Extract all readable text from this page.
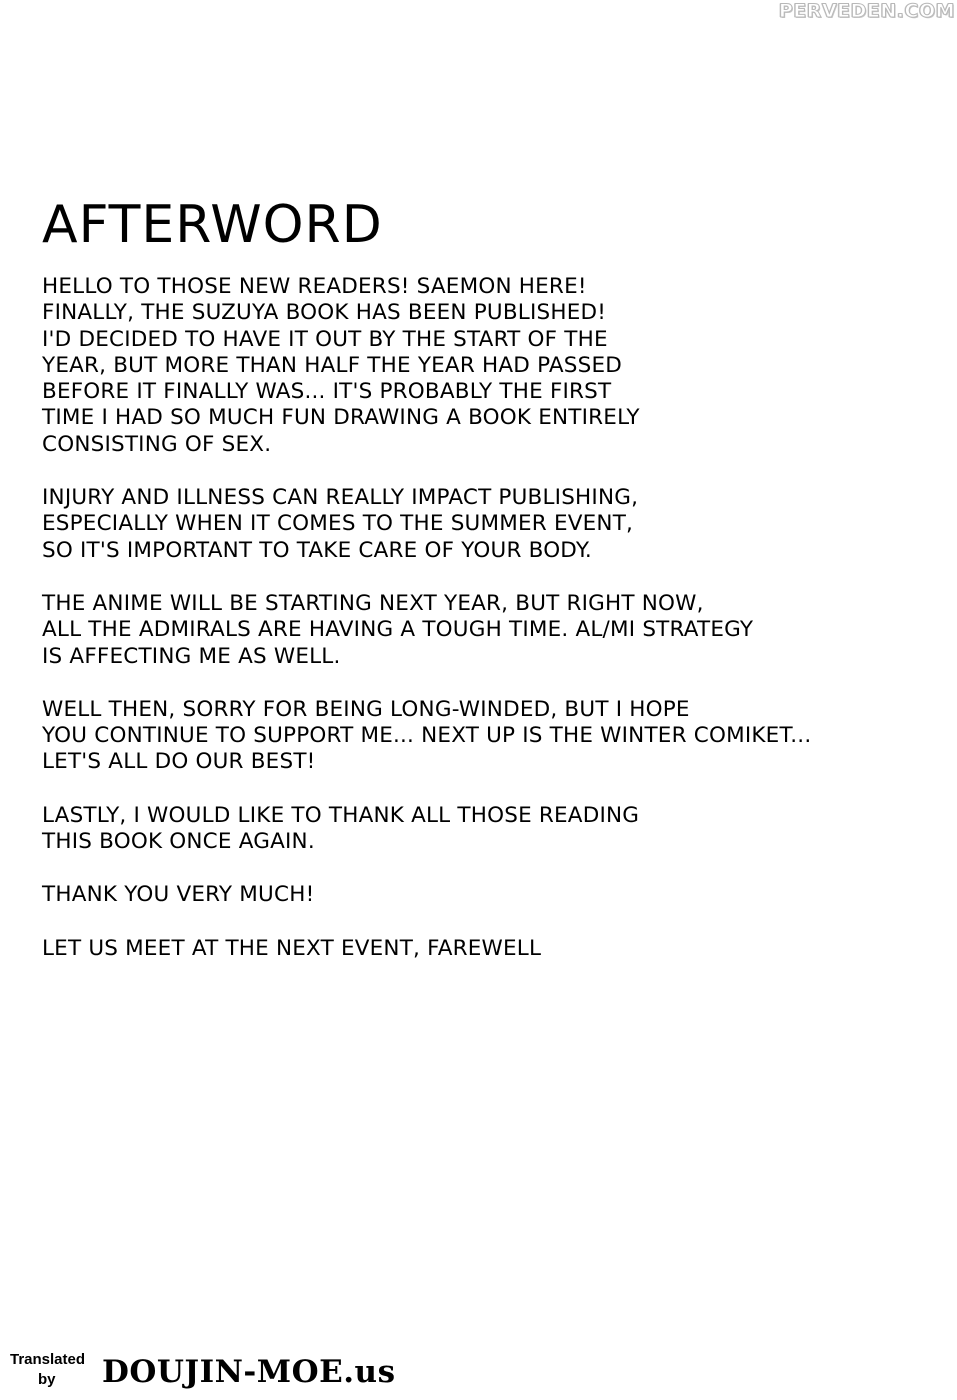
PERVEDEN.COM
AFTERWORD

HELLO TO THOSE NEW READERS! SAEMON HERE!
FINALLY, THE SUZUYA BOOK HAS BEEN PUBLISHED!
I'D DECIDED TO HAVE IT OUT BY THE START OF THE
YEAR, BUT MORE THAN HALF THE YEAR HAD PASSED
BEFORE IT FINALLY WAS... IT'S PROBABLY THE FIRST
TIME I HAD SO MUCH FUN DRAWING A BOOK ENTIRELY
CONSISTING OF SEX.

INJURY AND ILLNESS CAN REALLY IMPACT PUBLISHING,
ESPECIALLY WHEN IT COMES TO THE SUMMER EVENT,
SO IT'S IMPORTANT TO TAKE CARE OF YOUR BODY.

THE ANIME WILL BE STARTING NEXT YEAR, BUT RIGHT NOW,
ALL THE ADMIRALS ARE HAVING A TOUGH TIME. AL/MI STRATEGY
IS AFFECTING ME AS WELL.

WELL THEN, SORRY FOR BEING LONG-WINDED, BUT I HOPE
YOU CONTINUE TO SUPPORT ME... NEXT UP IS THE WINTER COMIKET...
LET'S ALL DO OUR BEST!

LASTLY, I WOULD LIKE TO THANK ALL THOSE READING
THIS BOOK ONCE AGAIN.

THANK YOU VERY MUCH!

LET US MEET AT THE NEXT EVENT, FAREWELL

Translated
by DOUJIN-MOE.us
